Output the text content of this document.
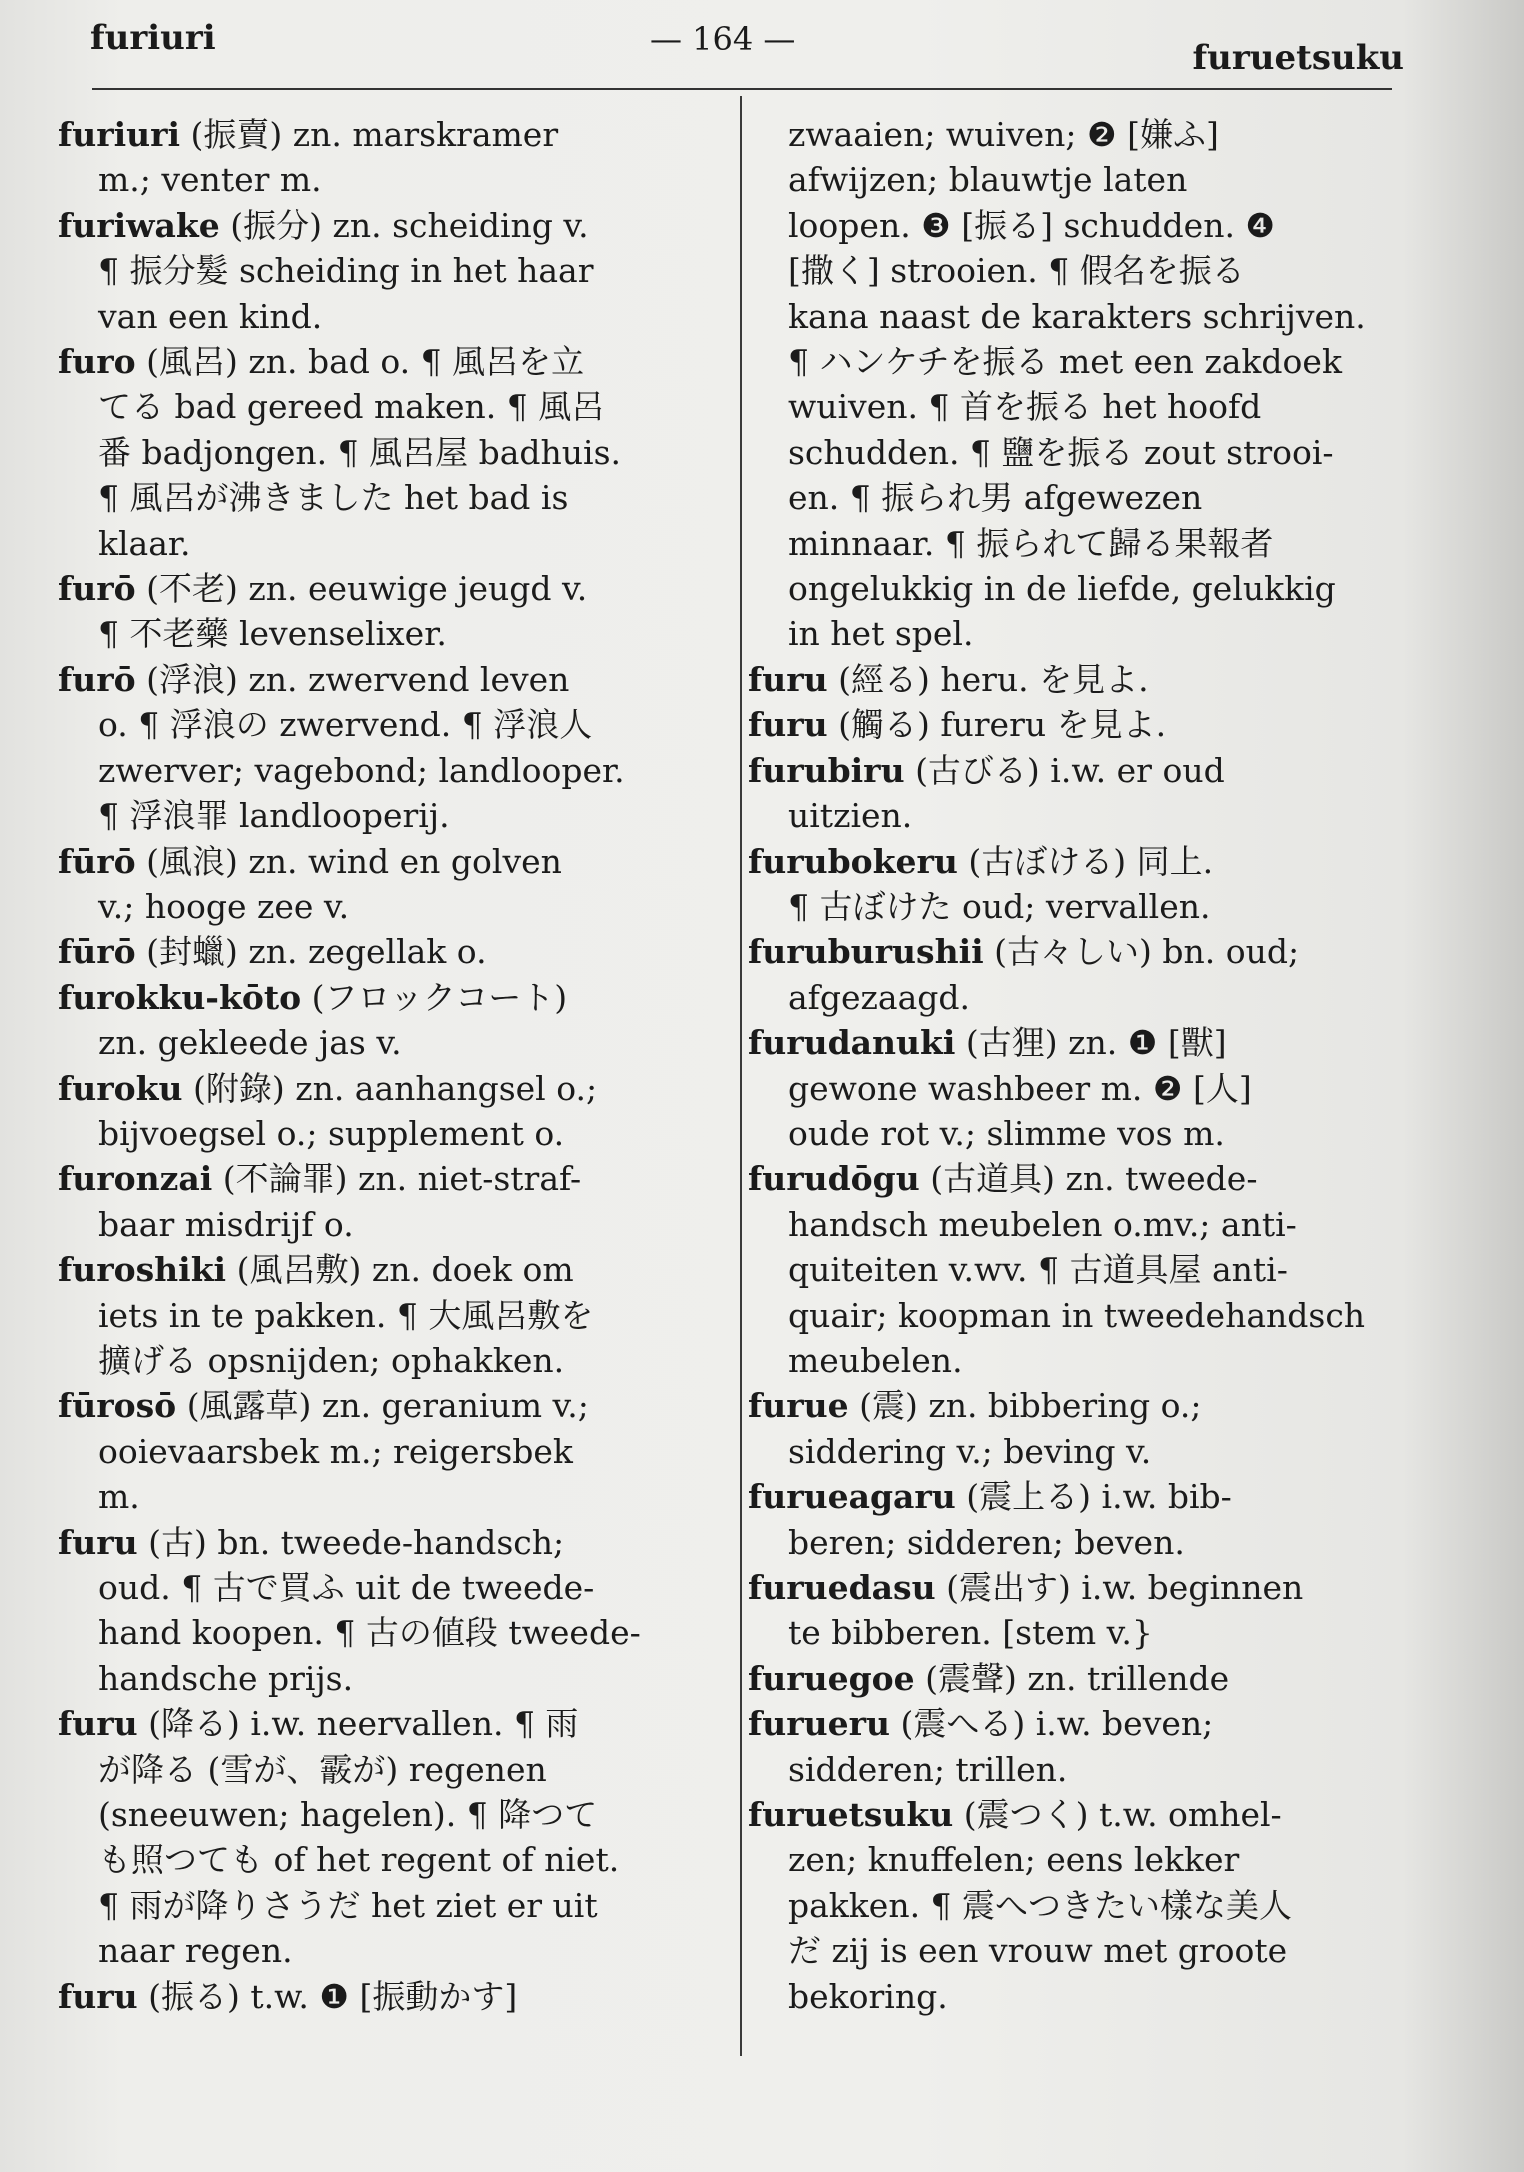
furiuri	— 164 —	furuetsuku
furiuri (振賣) zn. marskramer
m.; venter m.
furiwake (振分) zn. scheiding v.
¶ 振分髮 scheiding in het haar
van een kind.
furo (風呂) zn. bad o. ¶ 風呂を立
てる bad gereed maken. ¶ 風呂
番 badjongen. ¶ 風呂屋 badhuis.
¶ 風呂が沸きました het bad is
klaar.
furō (不老) zn. eeuwige jeugd v.
¶ 不老藥 levenselixer.
furō (浮浪) zn. zwervend leven
o. ¶ 浮浪の zwervend. ¶ 浮浪人
zwerver; vagebond; landlooper.
¶ 浮浪罪 landlooperij.
fūrō (風浪) zn. wind en golven
v.; hooge zee v.
fūrō (封蠟) zn. zegellak o.
furokku-kōto (フロックコート)
zn. gekleede jas v.
furoku (附錄) zn. aanhangsel o.;
bijvoegsel o.; supplement o.
furonzai (不論罪) zn. niet-straf-
baar misdrijf o.
furoshiki (風呂敷) zn. doek om
iets in te pakken. ¶ 大風呂敷を
擴げる opsnijden; ophakken.
fūrosō (風露草) zn. geranium v.;
ooievaarsbek m.; reigersbek
m.
furu (古) bn. tweede-handsch;
oud. ¶ 古で買ふ uit de tweede-
hand koopen. ¶ 古の値段 tweede-
handsche prijs.
furu (降る) i.w. neervallen. ¶ 雨
が降る (雪が、霰が) regenen
(sneeuwen; hagelen). ¶ 降つて
も照つても of het regent of niet.
¶ 雨が降りさうだ het ziet er uit
naar regen.
furu (振る) t.w. ❶ [振動かす]
zwaaien; wuiven; ❷ [嫌ふ]
afwijzen; blauwtje laten
loopen. ❸ [振る] schudden. ❹
[撒く] strooien. ¶ 假名を振る
kana naast de karakters schrijven.
¶ ハンケチを振る met een zakdoek
wuiven. ¶ 首を振る het hoofd
schudden. ¶ 鹽を振る zout strooi-
en. ¶ 振られ男 afgewezen
minnaar. ¶ 振られて歸る果報者
ongelukkig in de liefde, gelukkig
in het spel.
furu (經る) heru. を見よ.
furu (觸る) fureru を見よ.
furubiru (古びる) i.w. er oud
uitzien.
furubokeru (古ぼける) 同上.
¶ 古ぼけた oud; vervallen.
furuburushii (古々しい) bn. oud;
afgezaagd.
furudanuki (古狸) zn. ❶ [獸]
gewone washbeer m. ❷ [人]
oude rot v.; slimme vos m.
furudōgu (古道具) zn. tweede-
handsch meubelen o.mv.; anti-
quiteiten v.wv. ¶ 古道具屋 anti-
quair; koopman in tweedehandsch
meubelen.
furue (震) zn. bibbering o.;
siddering v.; beving v.
furueagaru (震上る) i.w. bib-
beren; sidderen; beven.
furuedasu (震出す) i.w. beginnen
te bibberen. [stem v.}
furuegoe (震聲) zn. trillende
furueru (震へる) i.w. beven;
sidderen; trillen.
furuetsuku (震つく) t.w. omhel-
zen; knuffelen; eens lekker
pakken. ¶ 震へつきたい樣な美人
だ zij is een vrouw met groote
bekoring.
